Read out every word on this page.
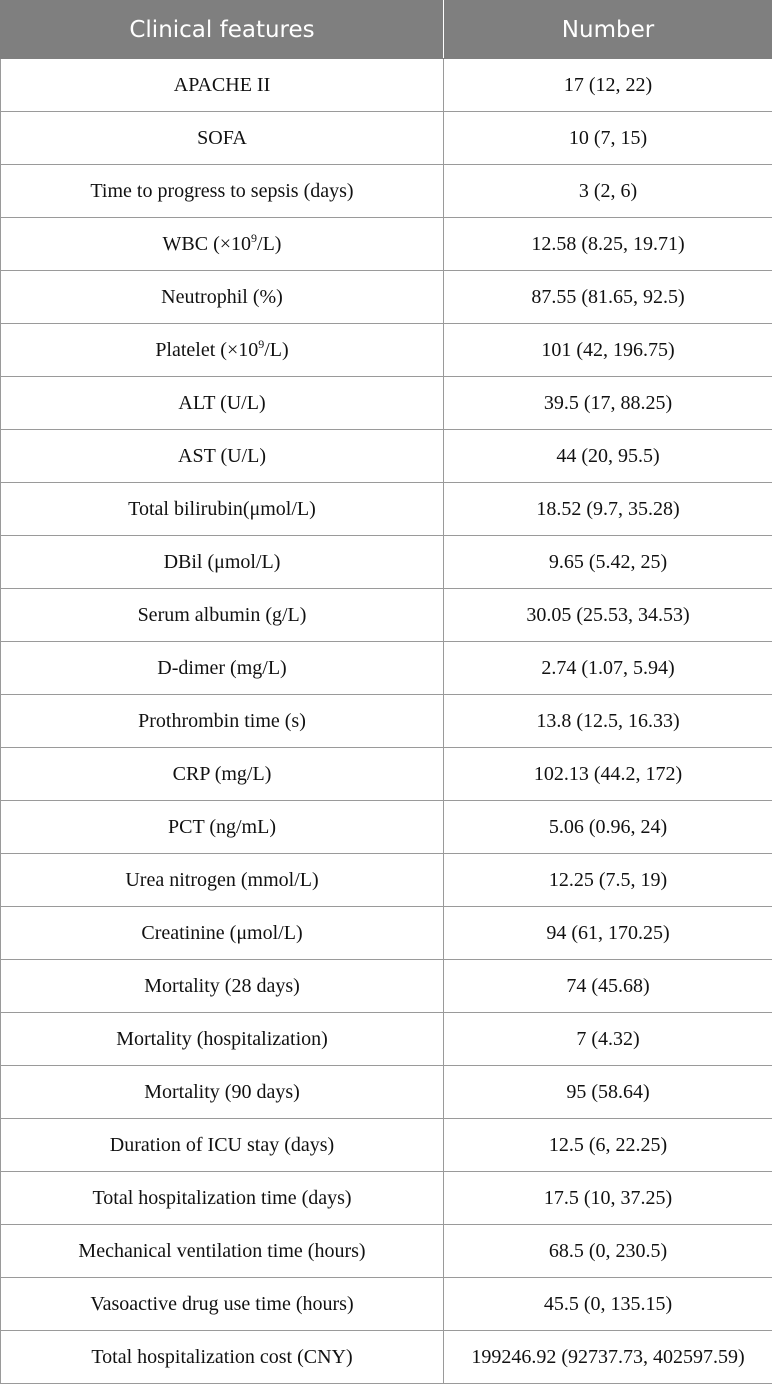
Clinical features	Number
APACHE II	17 (12, 22)
SOFA	10 (7, 15)
Time to progress to sepsis (days)	3 (2, 6)
WBC $(\times 10^9/L)$	12.58 (8.25, 19.71)
Neutrophil (%)	87.55 (81.65, 92.5)
Platelet $(\times 10^9/L)$	101 (42, 196.75)
ALT (U/L)	39.5 (17, 88.25)
AST (U/L)	44 (20, 95.5)
Total bilirubin(μmol/L)	18.52 (9.7, 35.28)
DBil (μmol/L)	9.65 (5.42, 25)
Serum albumin (g/L)	30.05 (25.53, 34.53)
D-dimer (mg/L)	2.74 (1.07, 5.94)
Prothrombin time (s)	13.8 (12.5, 16.33)
CRP (mg/L)	102.13 (44.2, 172)
PCT (ng/mL)	5.06 (0.96, 24)
Urea nitrogen (mmol/L)	12.25 (7.5, 19)
Creatinine (μmol/L)	94 (61, 170.25)
Mortality (28 days)	74 (45.68)
Mortality (hospitalization)	7 (4.32)
Mortality (90 days)	95 (58.64)
Duration of ICU stay (days)	12.5 (6, 22.25)
Total hospitalization time (days)	17.5 (10, 37.25)
Mechanical ventilation time (hours)	68.5 (0, 230.5)
Vasoactive drug use time (hours)	45.5 (0, 135.15)
Total hospitalization cost (CNY)	199246.92 (92737.73, 402597.59)
